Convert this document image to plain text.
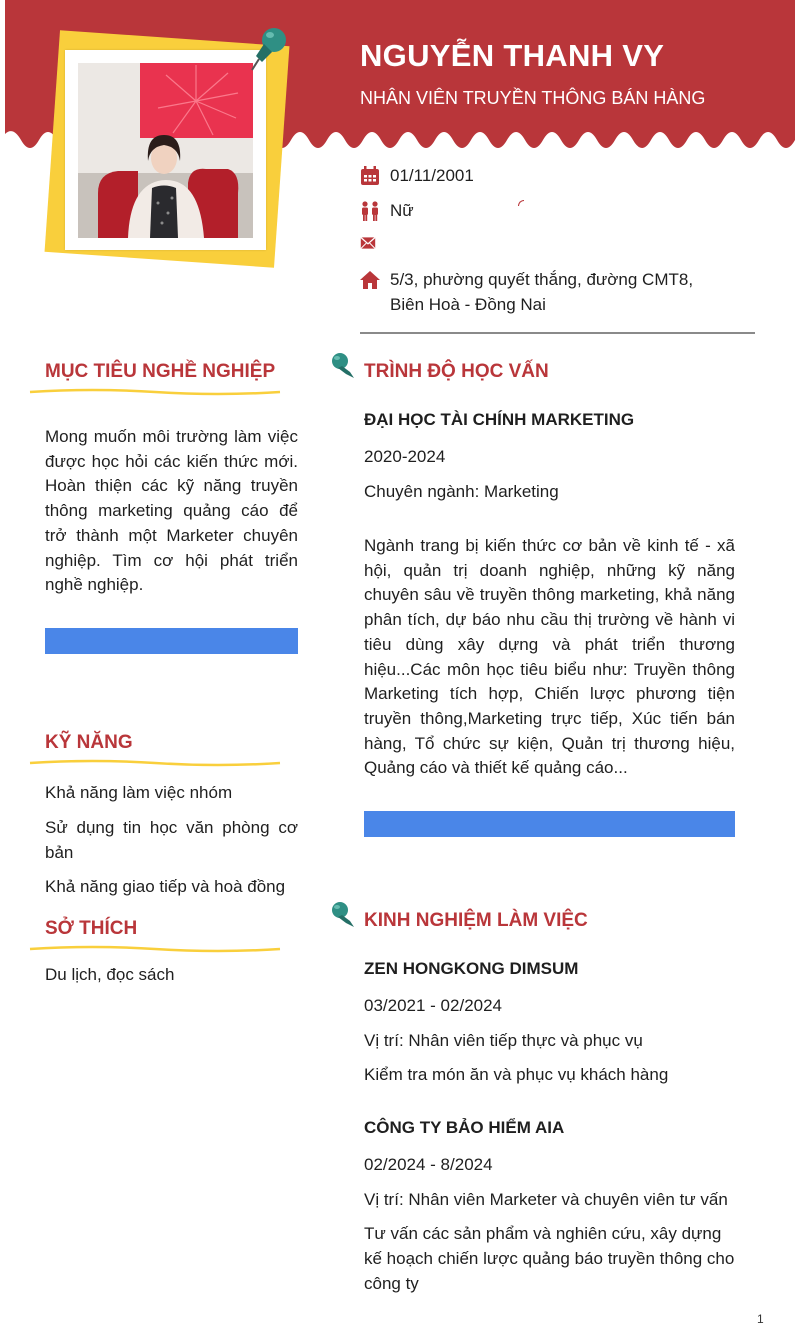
NGUYỄN THANH VY
NHÂN VIÊN TRUYỀN THÔNG BÁN HÀNG
01/11/2001
Nữ
5/3, phường quyết thắng, đường CMT8,
Biên Hoà - Đồng Nai
MỤC TIÊU NGHỀ NGHIỆP
Mong muốn môi trường làm việc được học hỏi các kiến thức mới. Hoàn thiện các kỹ năng truyền thông marketing quảng cáo để trở thành một Marketer chuyên nghiệp. Tìm cơ hội phát triển nghề nghiệp.
KỸ NĂNG
Khả năng làm việc nhóm
Sử dụng tin học văn phòng cơ bản
Khả năng giao tiếp và hoà đồng
SỞ THÍCH
Du lịch, đọc sách
TRÌNH ĐỘ HỌC VẤN
ĐẠI HỌC TÀI CHÍNH MARKETING
2020-2024
Chuyên ngành: Marketing
Ngành trang bị kiến thức cơ bản về kinh tế - xã hội, quản trị doanh nghiệp, những kỹ năng chuyên sâu về truyền thông marketing, khả năng phân tích, dự báo nhu cầu thị trường về hành vi tiêu dùng xây dựng và phát triển thương hiệu...Các môn học tiêu biểu như: Truyền thông Marketing tích hợp, Chiến lược phương tiện truyền thông,Marketing trực tiếp, Xúc tiến bán hàng, Tổ chức sự kiện, Quản trị thương hiệu, Quảng cáo và thiết kế quảng cáo...
KINH NGHIỆM LÀM VIỆC
ZEN HONGKONG DIMSUM
03/2021 - 02/2024
Vị trí: Nhân viên tiếp thực và phục vụ
Kiểm tra món ăn và phục vụ khách hàng
CÔNG TY BẢO HIỂM AIA
02/2024 - 8/2024
Vị trí: Nhân viên Marketer và chuyên viên tư vấn
Tư vấn các sản phẩm và nghiên cứu, xây dựng kế hoạch chiến lược quảng báo truyền thông cho công ty
1
